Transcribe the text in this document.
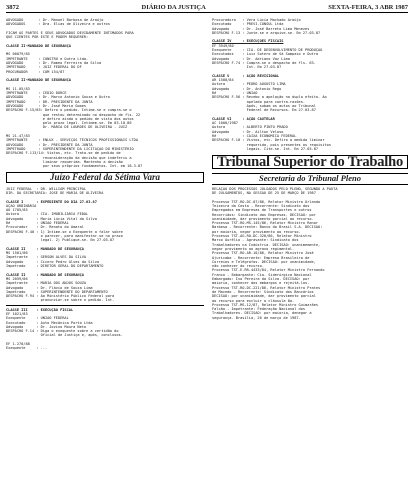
3872	DIÁRIO DA JUSTIÇA	SEXTA-FEIRA, 3 ABR 1987
ADVOGADO       : Dr. Manoel Barbosa de Araújo
ADVOGADOS      : Dra. Elias de Oliveira e outros

FICAM AS PARTES E SEUS ADVOGADOS DEVIDAMENTE INTIMADOS PARA
QUE CIENTES POR ESTE E PODEM REQUERER:

CLASSE II-MANDADO DE SEGURANÇA

MS 00079/85
IMPETRANTE     : CONSTRU e Outra Ltda.
ADVOGADO       : Dr. Romeo Ferreira da Silva
IMPETRADO      : JUIZ FEDERAL DO DF
PROCURADOR     : COM 154/87

CLASSE II-MANDADO DE SEGURANÇA

MS 11-05/83
IMPETRANTE     : CEDIO DURCE
ADVOGADO       : Dr. Marco Antonio Souza e Outro
IMPETRADO      : DR. PRESIDENTE DA JUNTA
ADVOGADO       : Dr. José Maria Gomes
DESPACHO F.15/85: Defiro o pedido. Intime-se e cumpra-se o
que restou determinado no despacho de fls. 22
e defiro ainda o pedido de vista dos autos
pelo prazo legal. Intimem-se. Em 03.10.86
Dr. MARIA DE LOURDES DE OLIVEIRA - JUIZ

MS 21-47/83
IMPETRANTE     : ENLUX - SERVIÇOS TÉCNICOS PROFISSIONAIS LTDA
ADVOGADO       : Dr. PRESIDENTE DA JUNTA
IMPETRADO      : SUPERINTENDENTE DA LICITAÇÃO DO MINISTÉRIO
DESPACHO F.113/14: Vistos, etc. Trata-se de pedido de
reconsideração da decisão que indeferiu a
liminar requerida. Mantenho a decisão
por seus próprios fundamentos. Int. em 18.3.87
Juízo Federal da Sétima Vara
JUIZ FEDERAL  : DR. WILLIAM PRINCIPAL
DIR. DA SECRETARIA: JOSE DE MARIA DE OLIVEIRA

CLASSE I      : EXPEDIENTE DO DIA 27.03.87
AÇÃO ORDINÁRIA
AO 1705/85
Autora        : CIA. IMOBILIÁRIA FEDAL
Advogado      : Maria Lúcia Vital da Silva
Ré            : UNIÃO FEDERAL
Procurador    : Dr. Renato do Amaral
DESPACHO F.40 : 1) Intime-se o Exequente a falar sobre
o parecer, para manifestar-se no prazo
legal. 2) Publique-se. Em 27.03.87

CLASSE II     : MANDADO DE SEGURANÇA
MS 1501/86
Impetrante    : GERSON ALVES DA SILVA
Advogado      : Cícero Pedro Alves da Silva
Impetrado     : DIRETOR GERAL DO DEPARTAMENTO

CLASSE II     : MANDADO DE SEGURANÇA
MS 2059/86
Impetrante    : MARIA DOS ANJOS SOUZA
Advogado      : Dr. Flávio de Souza Lima
Impetrado     : SUPERINTENDENTE DO DEPARTAMENTO
DESPACHO F.94 : Ao Ministério Público Federal para
pronunciar-se sobre o pedido. Int.
CLASSE III    : EXECUÇÃO FISCAL
EF 1021/83
Exequente     : UNIÃO FEDERAL
Executado     : Auto Mecânica Porto Ltda
Advogado      : Dr. Jovino Moura Neto
DESPACHO F.14 : Diga o exequente sobre a certidão do
Oficial de Justiça e, após, conclusos.

EF 1.270/88
Exequente     : ...
Procuradora   : Vera Lúcia Machado Araújo
Executado     : PREVI-CONSUL Ltda
Advogado      : Dr. José Barreto Lima Menezes
DESPACHO F.13 : Junte-se e arquive-se. Em 27.03.87

CLASSE IV     : EXECUÇÕES FISCAIS
EF 3949/80
Exequente     : CIA. DE DESENVOLVIMENTO DE PRODUÇÃO
Executados    : Luiz Sotero de Sá Sampaio e Outra
Advogado      : Dr. Adriano Vaz Lima
DESPACHO F.74 : Cumpra-se o despacho de fls. 63.
Int. Em 27.03.87

CLASSE V      : AÇÃO REVISIONAL
AR 1500/84
Autora        : PEDRO AUGUSTO LIMA
Advogado      : Dr. Antonio Rego
Ré            : UNIÃO
DESPACHO F.56 : Recebo a apelação no duplo efeito. Ao
apelado para contra-razões.
Após, subam os autos ao Tribunal
Federal de Recursos. Em 27.03.87

CLASSE VI     : AÇÃO CAUTELAR
AC 1000/1987
Autora        : ALBERTO PINTO PRADO
Advogado      : Dr. Ailton Veloso
Ré            : CAIXA ECONÔMICA FEDERAL
DESPACHO F.10 : Vistos, etc. Defiro a medida liminar
requerida, pois presentes os requisitos
legais. Cite-se. Int. Em 27.03.87
Tribunal Superior do Trabalho
Secretaria do Tribunal Pleno
RELAÇÃO DOS PROCESSOS JULGADOS PELO PLENO, SEGUNDO A PAUTA
DE JULGAMENTOS, NA SESSÃO DE 25 DE MARÇO DE 1987

Processo TST-RO-DC-07/86, Relator Ministro Orlando
Teixeira da Costa - Recorrente: Sindicato dos
Empregados em Empresas de Transportes e outros
Recorridos: Sindicato das Empresas. DECISÃO: por
unanimidade, dar provimento parcial ao recurso.
Processo TST-RO-MS-145/86, Relator Ministro Ranor
Barbosa - Recorrente: Banco do Brasil S.A. DECISÃO:
por maioria, negar provimento ao recurso.
Processo TST-AG-RO-DC-320/86, Relator Ministro
Marco Aurélio - Agravante: Sindicato dos
Trabalhadores na Indústria. DECISÃO: unanimemente,
negar provimento ao agravo regimental.
Processo TST-RO-AR-10/86, Relator Ministro José
Ajuricaba - Recorrente: Empresa Brasileira de
Correios e Telégrafos. DECISÃO: por unanimidade,
não conhecer do recurso.
Processo TST-E-RR-4433/84, Relator Ministro Fernando
Franco - Embargante: Cia. Siderúrgica Nacional
Embargado: Ivo Pereira da Silva. DECISÃO: por
maioria, conhecer dos embargos e rejeitá-los.
Processo TST-RO-DC-221/86, Relator Ministro Prates
de Macedo - Recorrente: Sindicato dos Bancários
DECISÃO: por unanimidade, dar provimento parcial
ao recurso para excluir a cláusula 8a.
Processo TST-MS-12/87, Relator Ministro Guimarães
Falcão - Impetrante: Federação Nacional dos
Trabalhadores. DECISÃO: por maioria, denegar a
segurança. Brasília, 26 de março de 1987.
